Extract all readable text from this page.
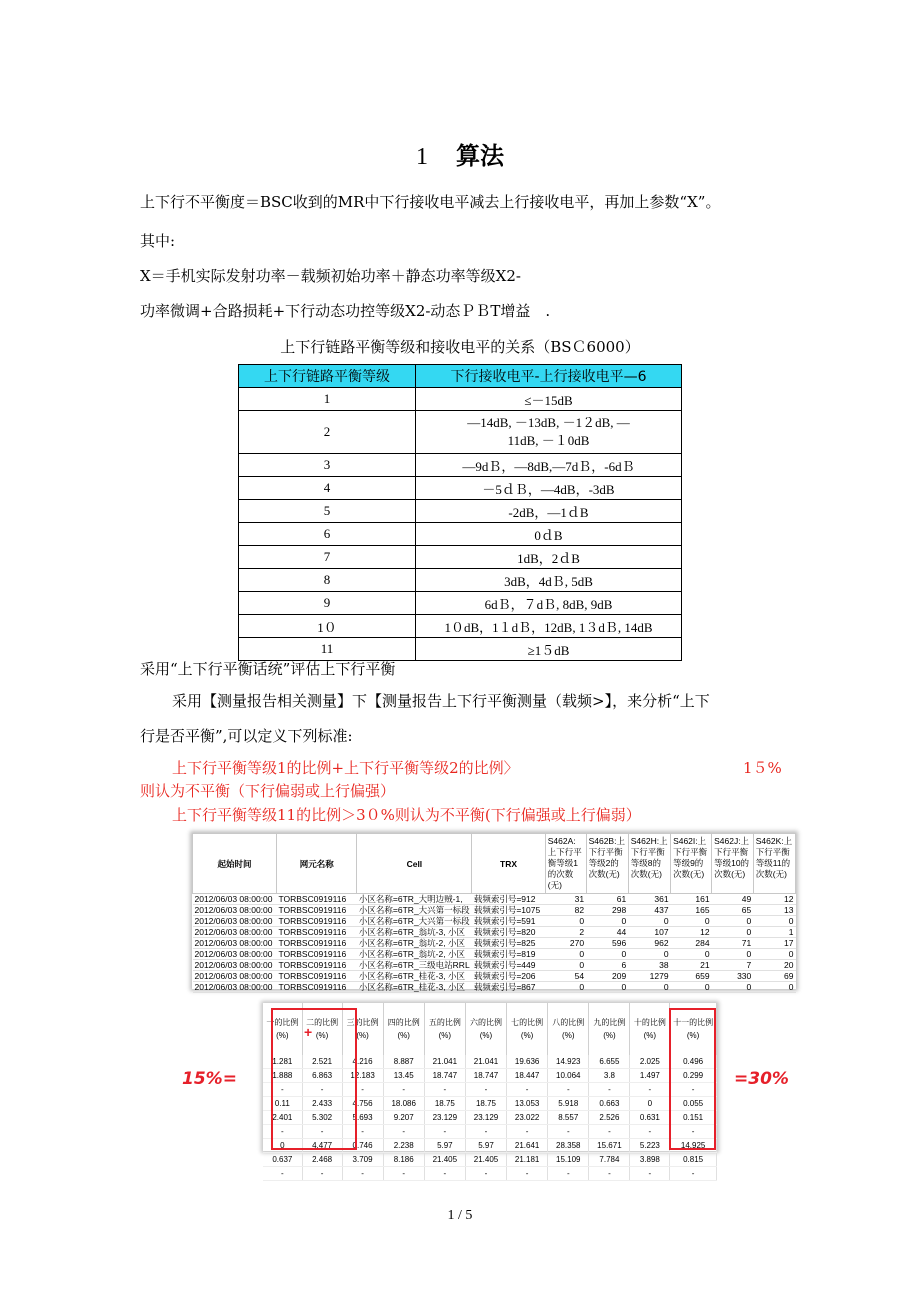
1 算法
上下行不平衡度＝BSC收到的MR中下行接收电平减去上行接收电平，再加上参数“X”。
其中:
X＝手机实际发射功率－载频初始功率＋静态功率等级X2-
功率微调+合路损耗+下行动态功控等级X2-动态ＰＢT增益　.
上下行链路平衡等级和接收电平的关系（BSＣ6000）
上下行链路平衡等级	下行接收电平-上行接收电平—6
1	≤－15dB
2	—14dB, －13dB, －1２dB, —
11dB, －１0dB

3	—9dＢ，—8dB,—7dＢ，-6dＢ
4	－5ｄＢ，—4dB，-3dB
5	-2dB，—1ｄB
6	0ｄB
7	1dB，2ｄB
8	3dB，4dＢ, 5dB
9	6dＢ，７dＢ, 8dB, 9dB
1０	1０dB，1１dＢ，12dB, 1３dＢ, 14dB
11	≥1５dB
采用“上下行平衡话统”评估上下行平衡
采用【测量报告相关测量】下【测量报告上下行平衡测量（载频>】，来分析“上下
行是否平衡”,可以定义下列标准:
上下行平衡等级1的比例+上下行平衡等级2的比例〉	1５%
则认为不平衡（下行偏弱或上行偏强）
上下行平衡等级11的比例＞3０%则认为不平衡(下行偏强或上行偏弱）
起始时间	网元名称	Cell	TRX	S462A:上下行平衡等级1的次数(无)	S462B:上下行平衡等级2的次数(无)	S462H:上下行平衡等级8的次数(无)	S462I:上下行平衡等级9的次数(无)	S462J:上下行平衡等级10的次数(无)	S462K:上下行平衡等级11的次数(无)
2012/06/03 08:00:00	TORBSC0919116	小区名称=6TR_大明边贼-1,	载频索引号=912	31	61	361	161	49	12
2012/06/03 08:00:00	TORBSC0919116	小区名称=6TR_大兴第一标段	载频索引号=1075	82	298	437	165	65	13
2012/06/03 08:00:00	TORBSC0919116	小区名称=6TR_大兴第一标段	载频索引号=591	0	0	0	0	0	0
2012/06/03 08:00:00	TORBSC0919116	小区名称=6TR_翁坑-3, 小区	载频索引号=820	2	44	107	12	0	1
2012/06/03 08:00:00	TORBSC0919116	小区名称=6TR_翁坑-2, 小区	载频索引号=825	270	596	962	284	71	17
2012/06/03 08:00:00	TORBSC0919116	小区名称=6TR_翁坑-2, 小区	载频索引号=819	0	0	0	0	0	0
2012/06/03 08:00:00	TORBSC0919116	小区名称=6TR_三级电站RRL	载频索引号=449	0	6	38	21	7	20
2012/06/03 08:00:00	TORBSC0919116	小区名称=6TR_桂花-3, 小区	载频索引号=206	54	209	1279	659	330	69
2012/06/03 08:00:00	TORBSC0919116	小区名称=6TR_桂花-3, 小区	载频索引号=867	0	0	0	0	0	0
15%=	=30%
一的比例(%)	二的比例(%)	三的比例(%)	四的比例(%)	五的比例(%)	六的比例(%)	七的比例(%)	八的比例(%)	九的比例(%)	十的比例(%)	十一的比例(%)
1.281	2.521	4.216	8.887	21.041	21.041	19.636	14.923	6.655	2.025	0.496
1.888	6.863	12.183	13.45	18.747	18.747	18.447	10.064	3.8	1.497	0.299
-	-	-	-	-	-	-	-	-	-	-
0.11	2.433	4.756	18.086	18.75	18.75	13.053	5.918	0.663	0	0.055
2.401	5.302	5.693	9.207	23.129	23.129	23.022	8.557	2.526	0.631	0.151
-	-	-	-	-	-	-	-	-	-	-
0	4.477	0.746	2.238	5.97	5.97	21.641	28.358	15.671	5.223	14.925
0.637	2.468	3.709	8.186	21.405	21.405	21.181	15.109	7.784	3.898	0.815
-	-	-	-	-	-	-	-	-	-	-
+
1 / 5
